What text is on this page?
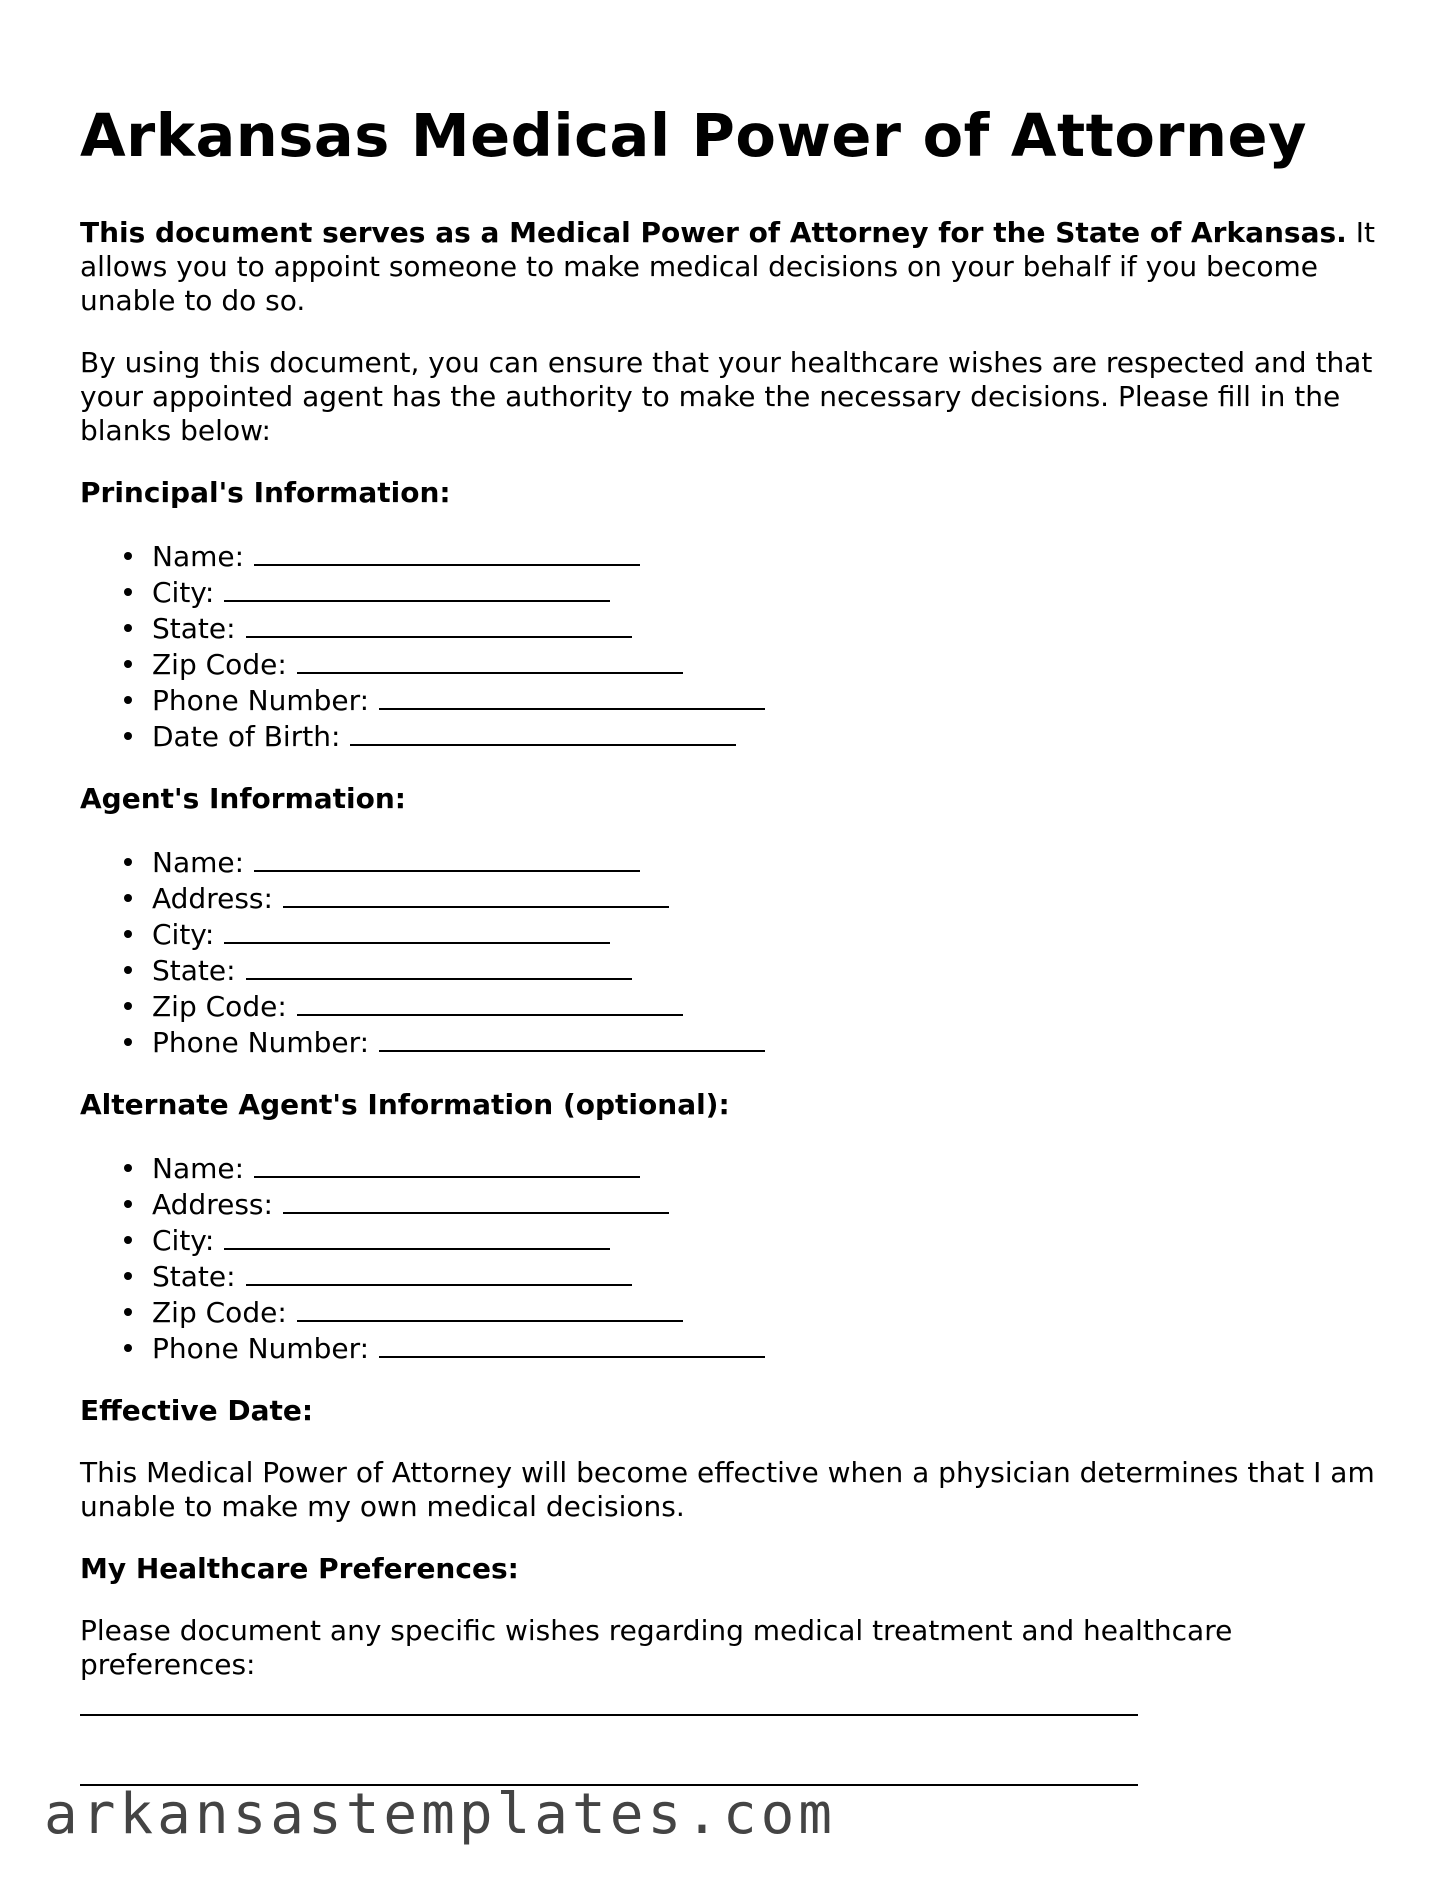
Arkansas Medical Power of Attorney

This document serves as a Medical Power of Attorney for the State of Arkansas. It allows you to appoint someone to make medical decisions on your behalf if you become unable to do so.

By using this document, you can ensure that your healthcare wishes are respected and that your appointed agent has the authority to make the necessary decisions. Please fill in the blanks below:

Principal's Information:
Name:
City:
State:
Zip Code:
Phone Number:
Date of Birth:
Agent's Information:
Name:
Address:
City:
State:
Zip Code:
Phone Number:
Alternate Agent's Information (optional):
Name:
Address:
City:
State:
Zip Code:
Phone Number:
Effective Date:

This Medical Power of Attorney will become effective when a physician determines that I am unable to make my own medical decisions.

My Healthcare Preferences:

Please document any specific wishes regarding medical treatment and healthcare preferences:

arkansastemplates.com
